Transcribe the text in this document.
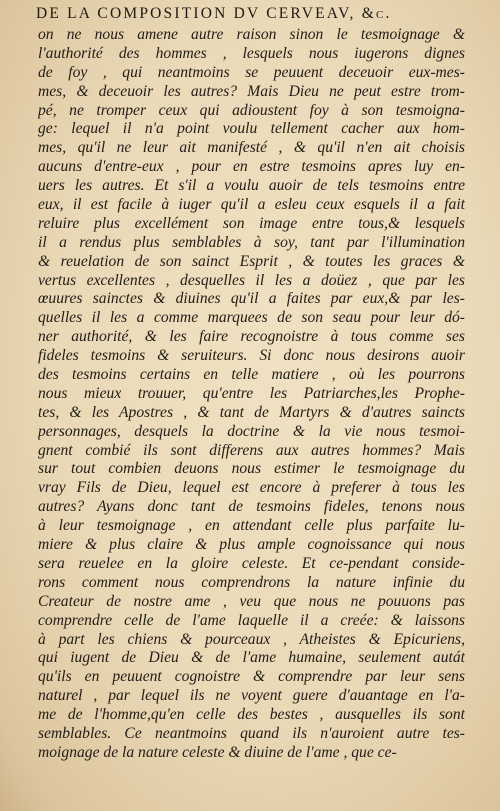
DE LA COMPOSITION DV CERVEAV, &c.
on ne nous amene autre raison sinon le tesmoignage &
l'authorité des hommes , lesquels nous iugerons dignes
de foy , qui neantmoins se peuuent deceuoir eux-mes-
mes, & deceuoir les autres? Mais Dieu ne peut estre trom-
pé, ne tromper ceux qui adioustent foy à son tesmoigna-
ge: lequel il n'a point voulu tellement cacher aux hom-
mes, qu'il ne leur ait manifesté , & qu'il n'en ait choisis
aucuns d'entre-eux , pour en estre tesmoins apres luy en-
uers les autres. Et s'il a voulu auoir de tels tesmoins entre
eux, il est facile à iuger qu'il a esleu ceux esquels il a fait
reluire plus excellément son image entre tous,& lesquels
il a rendus plus semblables à soy, tant par l'illumination
& reuelation de son sainct Esprit , & toutes les graces &
vertus excellentes , desquelles il les a doüez , que par les
œuures sainctes & diuines qu'il a faites par eux,& par les-
quelles il les a comme marquees de son seau pour leur dó-
ner authorité, & les faire recognoistre à tous comme ses
fideles tesmoins & seruiteurs. Si donc nous desirons auoir
des tesmoins certains en telle matiere , où les pourrons
nous mieux trouuer, qu'entre les Patriarches,les Prophe-
tes, & les Apostres , & tant de Martyrs & d'autres saincts
personnages, desquels la doctrine & la vie nous tesmoi-
gnent combié ils sont differens aux autres hommes? Mais
sur tout combien deuons nous estimer le tesmoignage du
vray Fils de Dieu, lequel est encore à preferer à tous les
autres? Ayans donc tant de tesmoins fideles, tenons nous
à leur tesmoignage , en attendant celle plus parfaite lu-
miere & plus claire & plus ample cognoissance qui nous
sera reuelee en la gloire celeste. Et ce-pendant conside-
rons comment nous comprendrons la nature infinie du
Createur de nostre ame , veu que nous ne pouuons pas
comprendre celle de l'ame laquelle il a creée: & laissons
à part les chiens & pourceaux , Atheistes & Epicuriens,
qui iugent de Dieu & de l'ame humaine, seulement autát
qu'ils en peuuent cognoistre & comprendre par leur sens
naturel , par lequel ils ne voyent guere d'auantage en l'a-
me de l'homme,qu'en celle des bestes , ausquelles ils sont
semblables. Ce neantmoins quand ils n'auroient autre tes-
moignage de la nature celeste & diuine de l'ame , que ce-
